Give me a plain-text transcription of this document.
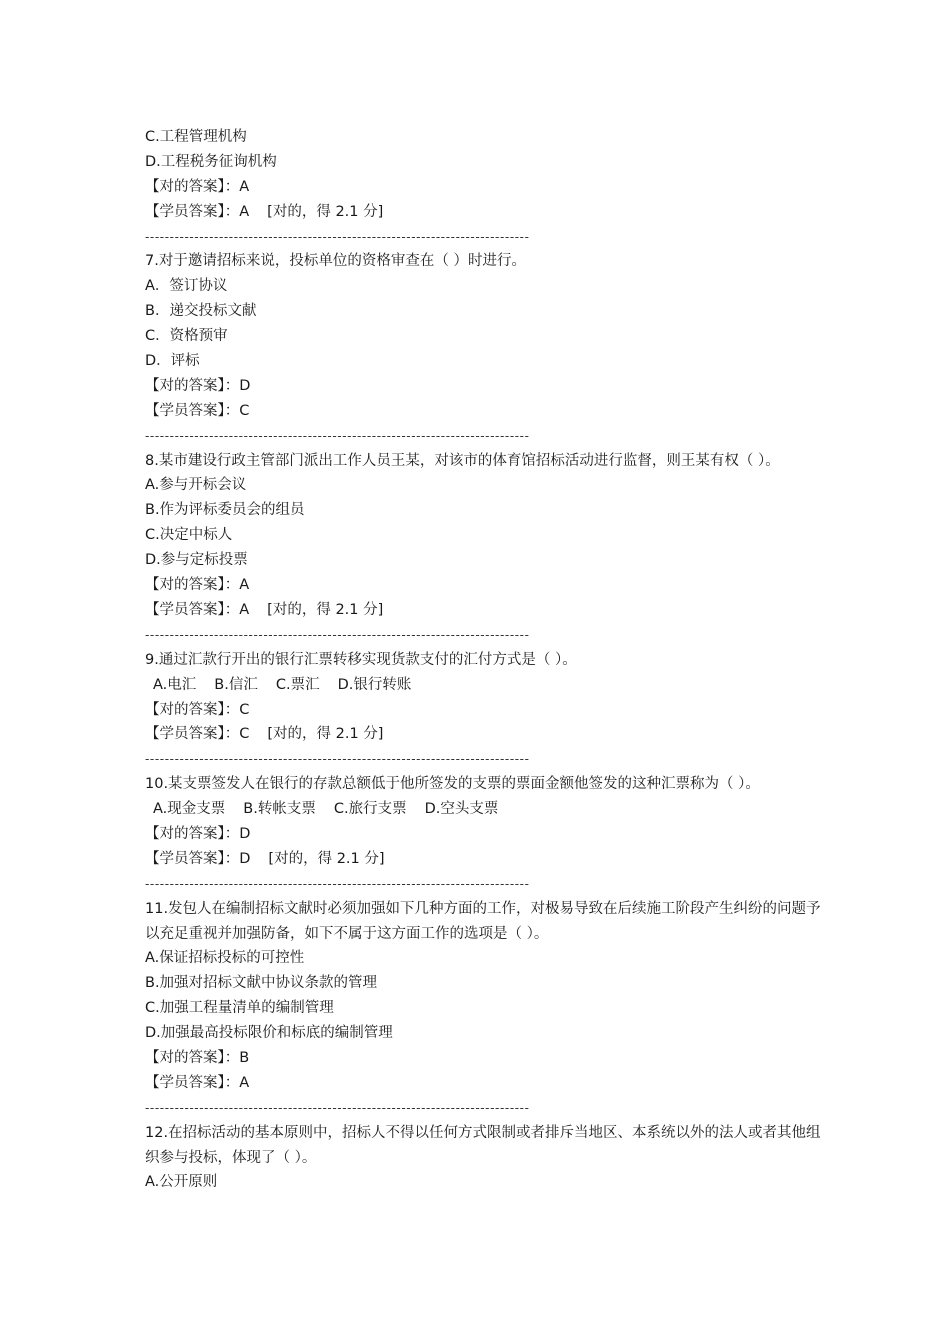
C.工程管理机构
D.工程税务征询机构
【对的答案】：A
【学员答案】：A [对的，得 2.1 分]
------------------------------------------------------------------------------
7.对于邀请招标来说，投标单位的资格审查在（ ）时进行。
A．签订协议
B．递交投标文献
C．资格预审
D．评标
【对的答案】：D
【学员答案】：C
------------------------------------------------------------------------------
8.某市建设行政主管部门派出工作人员王某，对该市的体育馆招标活动进行监督，则王某有权（ ）。
A.参与开标会议
B.作为评标委员会的组员
C.决定中标人
D.参与定标投票
【对的答案】：A
【学员答案】：A [对的，得 2.1 分]
------------------------------------------------------------------------------
9.通过汇款行开出的银行汇票转移实现货款支付的汇付方式是（ ）。
A.电汇 B.信汇 C.票汇 D.银行转账
【对的答案】：C
【学员答案】：C [对的，得 2.1 分]
------------------------------------------------------------------------------
10.某支票签发人在银行的存款总额低于他所签发的支票的票面金额他签发的这种汇票称为（ ）。
A.现金支票 B.转帐支票 C.旅行支票 D.空头支票
【对的答案】：D
【学员答案】：D [对的，得 2.1 分]
------------------------------------------------------------------------------
11.发包人在编制招标文献时必须加强如下几种方面的工作，对极易导致在后续施工阶段产生纠纷的问题予以充足重视并加强防备，如下不属于这方面工作的选项是（ ）。
A.保证招标投标的可控性
B.加强对招标文献中协议条款的管理
C.加强工程量清单的编制管理
D.加强最高投标限价和标底的编制管理
【对的答案】：B
【学员答案】：A
------------------------------------------------------------------------------
12.在招标活动的基本原则中，招标人不得以任何方式限制或者排斥当地区、本系统以外的法人或者其他组织参与投标，体现了（ ）。
A.公开原则
